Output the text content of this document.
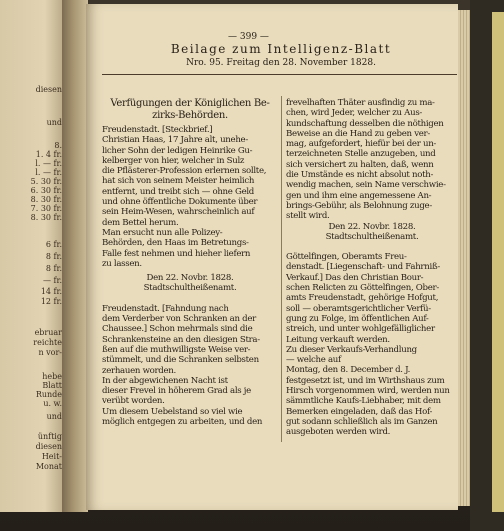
diesen
und
8.
1. 4 fr.
l. — fr.
l. — fr.
5. 30 fr.
6. 30 fr.
8. 30 fr.
7. 30 fr.
8. 30 fr.
6 fr.
8 fr.
8 fr.
— fr.
14 fr.
12 fr.
ebruar
reichte
n vor-
hebe
Blatt
Runde
u. w.
und
ünftig
diesen
Heit-
Monat
— 399 —
Beilage zum Intelligenz-Blatt
Nro. 95. Freitag den 28. November 1828.
Verfügungen der Königlichen Be-
zirks-Behörden.
Freudenstadt. [Steckbrief.]
Christian Haas, 17 Jahre alt, unehe-
licher Sohn der ledigen Heinrike Gu-
kelberger von hier, welcher in Sulz
die Pflästerer-Profession erlernen sollte,
hat sich von seinem Meister heimlich
entfernt, und treibt sich — ohne Geld
und ohne öffentliche Dokumente über
sein Heim-Wesen, wahrscheinlich auf
dem Bettel herum.
Man ersucht nun alle Polizey-
Behörden, den Haas im Betretungs-
Falle fest nehmen und hieher liefern
zu lassen.
Den 22. Novbr. 1828.
Stadtschultheißenamt.
Freudenstadt. [Fahndung nach
dem Verderber von Schranken an der
Chaussee.] Schon mehrmals sind die
Schrankensteine an den diesigen Stra-
ßen auf die muthwilligste Weise ver-
stümmelt, und die Schranken selbsten
zerhauen worden.
In der abgewichenen Nacht ist
dieser Frevel in höherem Grad als je
verübt worden.
Um diesem Uebelstand so viel wie
möglich entgegen zu arbeiten, und den
frevelhaften Thäter ausfindig zu ma-
chen, wird Jeder, welcher zu Aus-
kundschaftung desselben die nöthigen
Beweise an die Hand zu geben ver-
mag, aufgefordert, hiefür bei der un-
terzeichneten Stelle anzugeben, und
sich versichert zu halten, daß, wenn
die Umstände es nicht absolut noth-
wendig machen, sein Name verschwie-
gen und ihm eine angemessene An-
brings-Gebühr, als Belohnung zuge-
stellt wird.
Den 22. Novbr. 1828.
Stadtschultheißenamt.
Göttelfingen, Oberamts Freu-
denstadt. [Liegenschaft- und Fahrniß-
Verkauf.] Das den Christian Bour-
schen Relicten zu Göttelfingen, Ober-
amts Freudenstadt, gehörige Hofgut,
soll — oberamtsgerichtlicher Verfü-
gung zu Folge, im öffentlichen Auf-
streich, und unter wohlgefälliglicher
Leitung verkauft werden.
Zu dieser Verkaufs-Verhandlung
— welche auf
Montag, den 8. December d. J.
festgesetzt ist, und im Wirthshaus zum
Hirsch vorgenommen wird, werden nun
sämmtliche Kaufs-Liebhaber, mit dem
Bemerken eingeladen, daß das Hof-
gut sodann schließlich als im Ganzen
ausgeboten werden wird.
